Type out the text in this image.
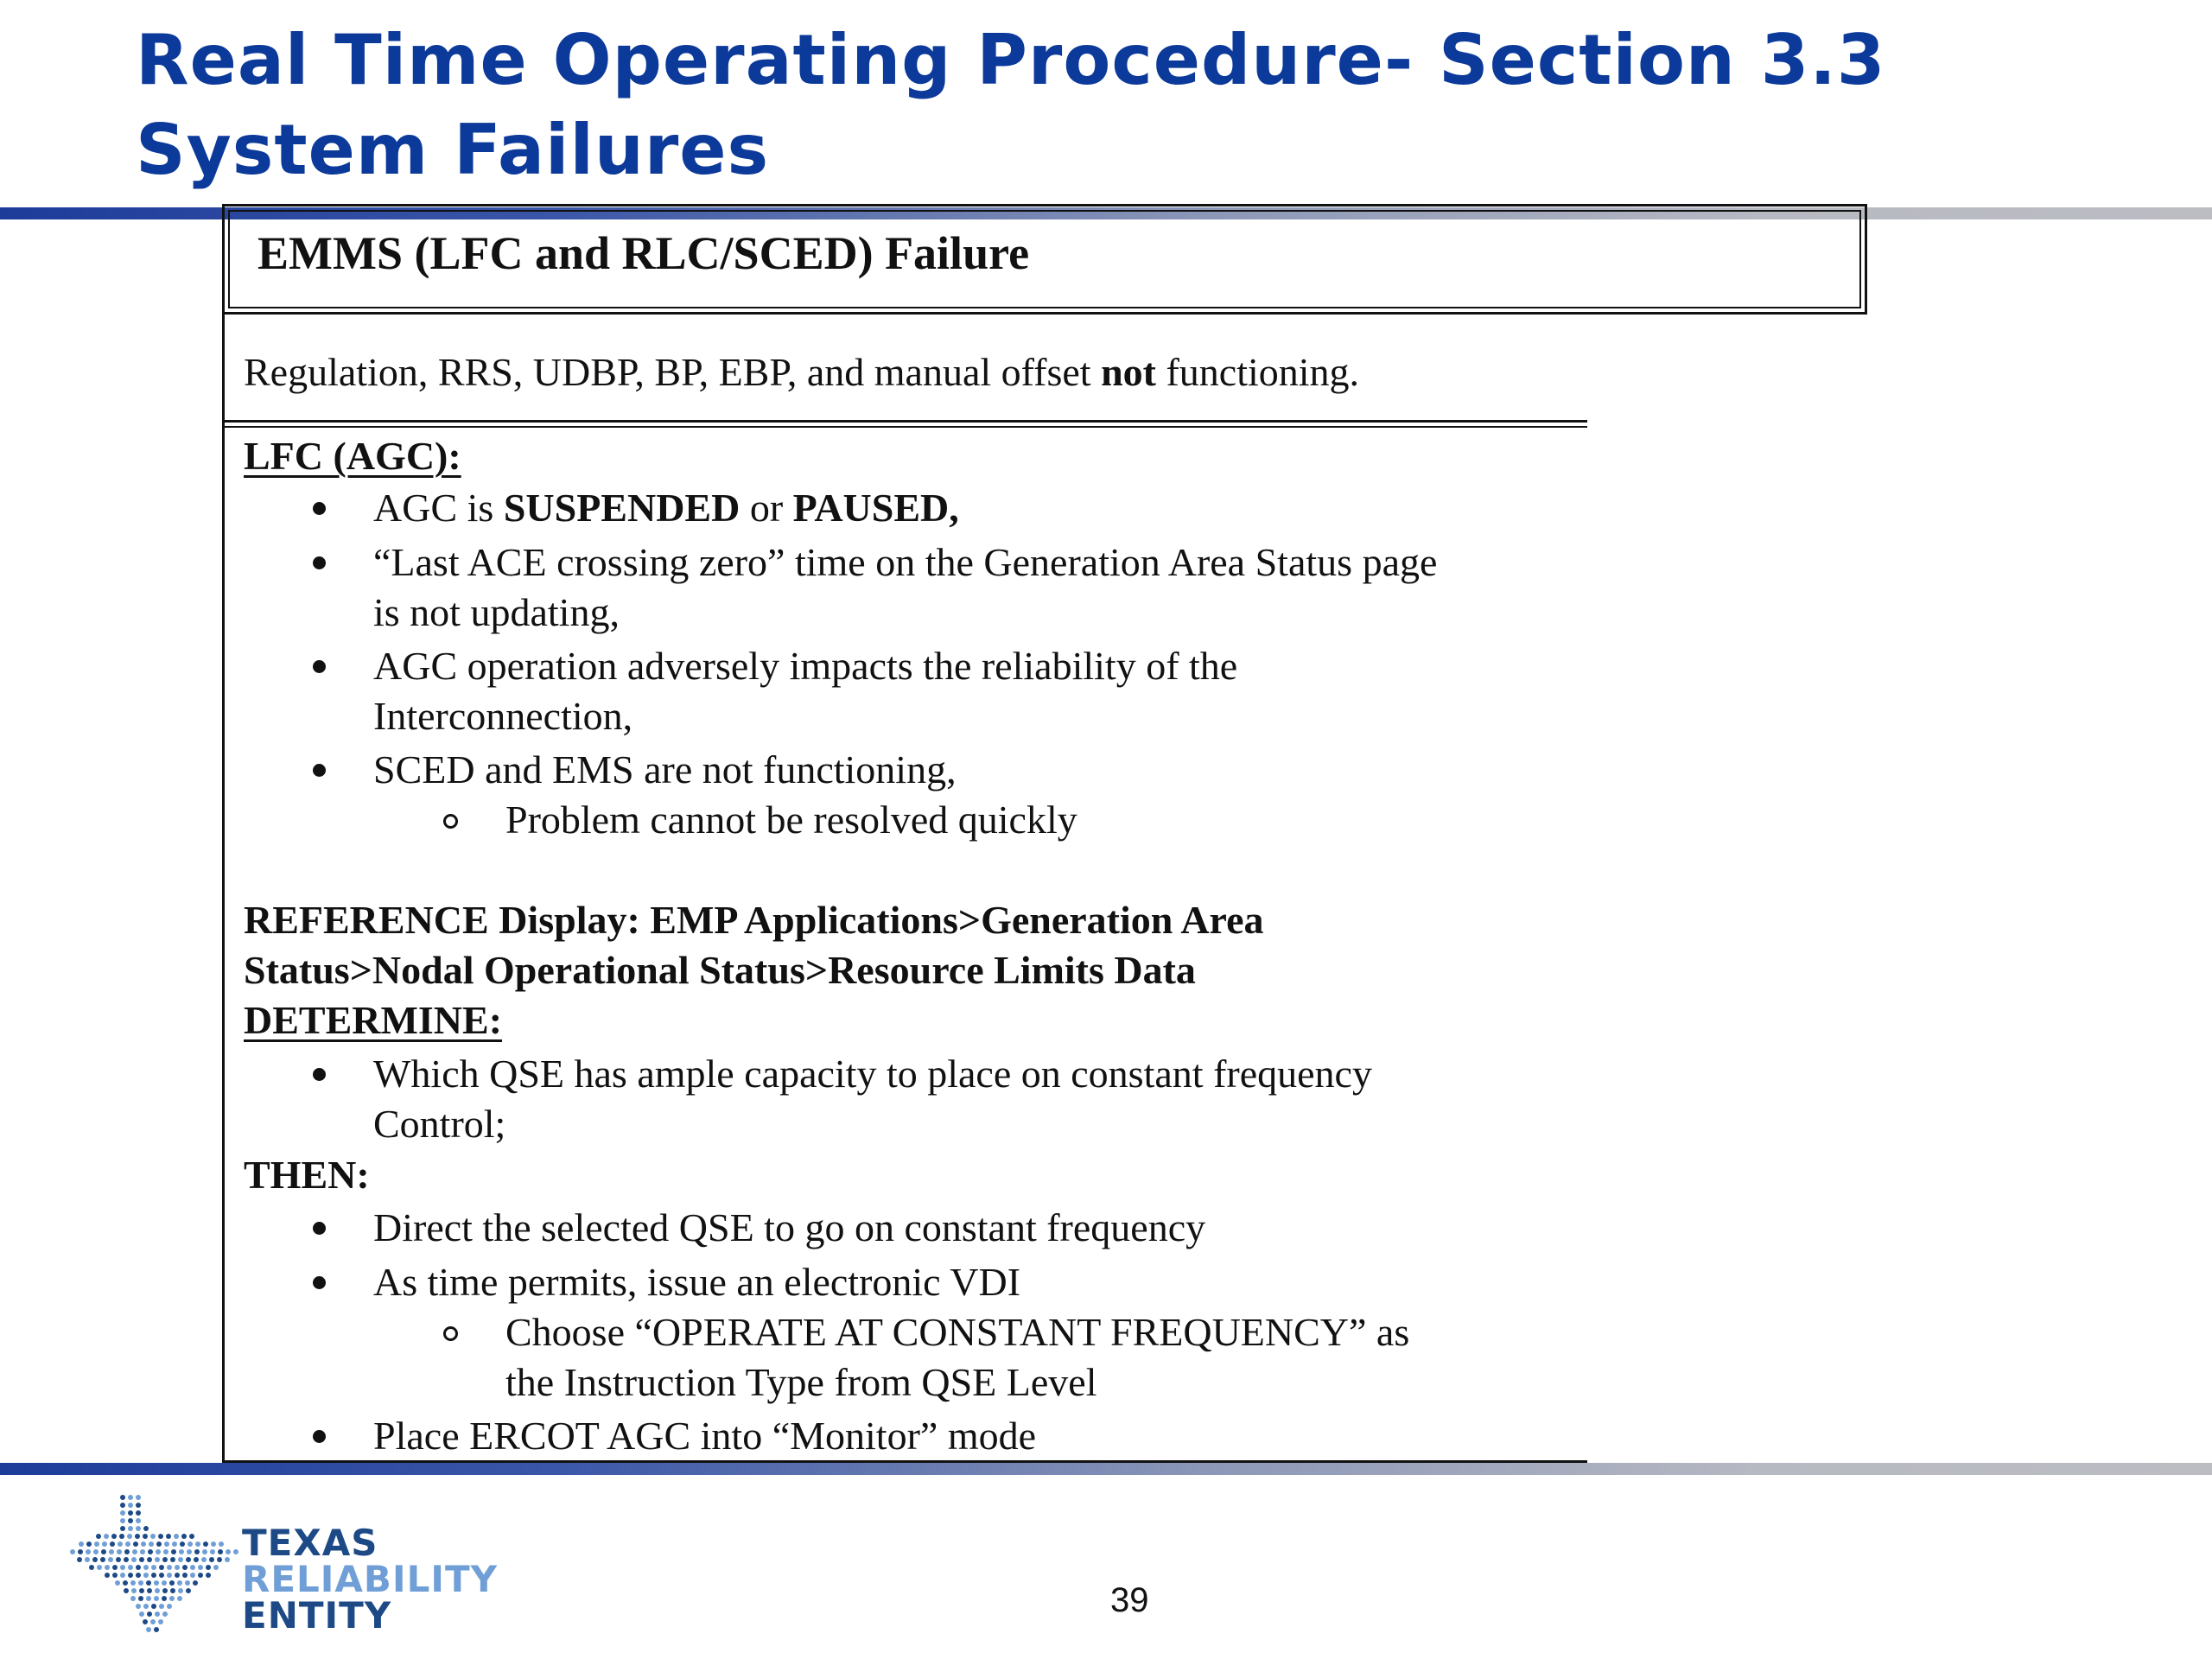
Real Time Operating Procedure- Section 3.3
System Failures

EMMS (LFC and RLC/SCED) Failure

Regulation, RRS, UDBP, BP, EBP, and manual offset not functioning.

LFC (AGC):

AGC is SUSPENDED or PAUSED,

“Last ACE crossing zero” time on the Generation Area Status page

is not updating,

AGC operation adversely impacts the reliability of the

Interconnection,

SCED and EMS are not functioning,

Problem cannot be resolved quickly

REFERENCE Display: EMP Applications>Generation Area

Status>Nodal Operational Status>Resource Limits Data

DETERMINE:

Which QSE has ample capacity to place on constant frequency

Control;

THEN:

Direct the selected QSE to go on constant frequency

As time permits, issue an electronic VDI

Choose “OPERATE AT CONSTANT FREQUENCY” as

the Instruction Type from QSE Level

Place ERCOT AGC into “Monitor” mode

TEXAS

RELIABILITY

ENTITY	39
